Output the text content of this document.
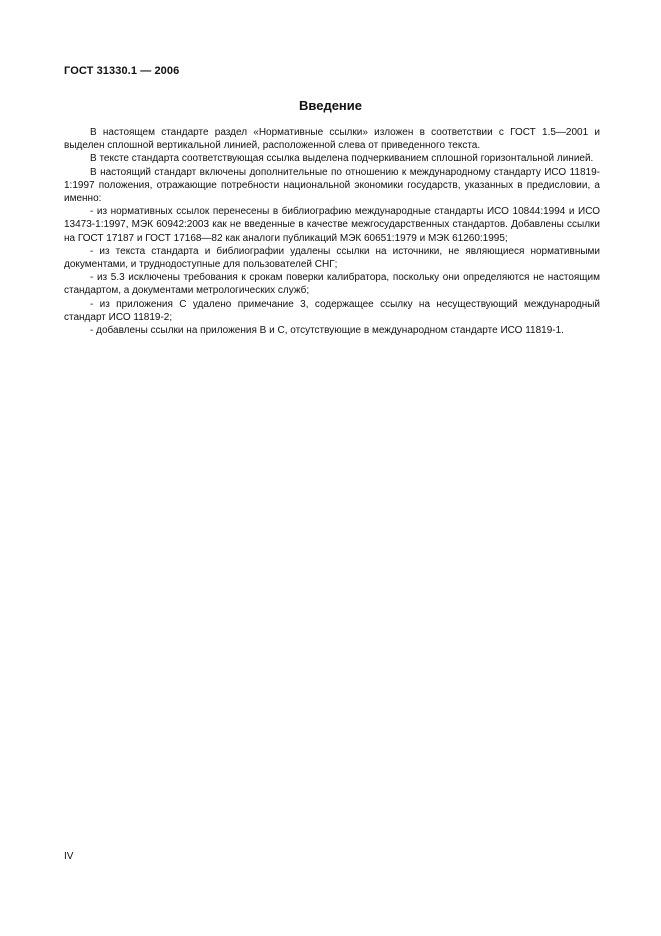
ГОСТ 31330.1 — 2006
Введение

В настоящем стандарте раздел «Нормативные ссылки» изложен в соответствии с ГОСТ 1.5—2001 и выделен сплошной вертикальной линией, расположенной слева от приведенного текста.

В тексте стандарта соответствующая ссылка выделена подчеркиванием сплошной горизонтальной линией.

В настоящий стандарт включены дополнительные по отношению к международному стандарту ИСО 11819-1:1997 положения, отражающие потребности национальной экономики государств, указанных в предисловии, а именно:

- из нормативных ссылок перенесены в библиографию международные стандарты ИСО 10844:1994 и ИСО 13473-1:1997, МЭК 60942:2003 как не введенные в качестве межгосударственных стандартов. Добавлены ссылки на ГОСТ 17187 и ГОСТ 17168—82 как аналоги публикаций МЭК 60651:1979 и МЭК 61260:1995;

- из текста стандарта и библиографии удалены ссылки на источники, не являющиеся нормативными документами, и труднодоступные для пользователей СНГ;

- из 5.3 исключены требования к срокам поверки калибратора, поскольку они определяются не настоящим стандартом, а документами метрологических служб;

- из приложения С удалено примечание 3, содержащее ссылку на несуществующий международный стандарт ИСО 11819-2;

- добавлены ссылки на приложения В и С, отсутствующие в международном стандарте ИСО 11819-1.

IV
